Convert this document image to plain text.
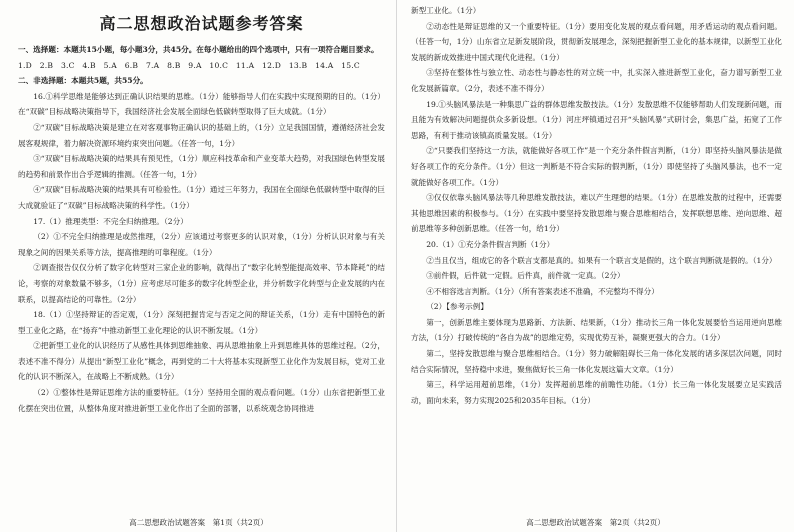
高二思想政治试题参考答案

一、选择题：本题共15小题，每小题3分，共45分。在每小题给出的四个选项中，只有一项符合题目要求。

1.D　2.B　3.C　4.B　5.A　6.B　7.A　8.B　9.A　10.C　11.A　12.D　13.B　14.A　15.C

二、非选择题：本题共5题，共55分。

16.①科学思维是能够达到正确认识结果的思维。（1分）能够指导人们在实践中实现预期的目的。（1分）在“双碳”目标战略决策指导下，我国经济社会发展全面绿色低碳转型取得了巨大成就。（1分）

②“双碳”目标战略决策是建立在对客观事物正确认识的基础上的，（1分）立足我国国情，遵循经济社会发展客观规律，着力解决资源环境约束突出问题。（任答一句，1分）

③“双碳”目标战略决策的结果具有预见性，（1分）顺应科技革命和产业变革大趋势，对我国绿色转型发展的趋势和前景作出合乎逻辑的推测。（任答一句，1分）

④“双碳”目标战略决策的结果具有可检验性。（1分）通过三年努力，我国在全面绿色低碳转型中取得的巨大成就验证了“双碳”目标战略决策的科学性。（1分）

17.（1）推理类型：不完全归纳推理。（2分）

（2）①不完全归纳推理是或然推理，（2分）应该通过考察更多的认识对象，（1分）分析认识对象与有关现象之间的因果关系等方法，提高推理的可靠程度。（1分）

②调查报告仅仅分析了数字化转型对三家企业的影响，就得出了“数字化转型能提高效率、节本降耗”的结论，考察的对象数量不够多，（1分）应考虑尽可能多的数字化转型企业，并分析数字化转型与企业发展的内在联系，以提高结论的可靠性。（2分）

18.（1）①坚持辩证的否定观，（1分）深刻把握肯定与否定之间的辩证关系，（1分）走有中国特色的新型工业化之路，在“扬弃”中推动新型工业化理论的认识不断发展。（1分）

②把新型工业化的认识经历了从感性具体到思维抽象、再从思维抽象上升到思维具体的思维过程。（2分，表述不准不得分）从提出“新型工业化”概念，再到党的二十大将基本实现新型工业化作为发展目标，党对工业化的认识不断深入，在战略上不断成熟。（1分）

（2）①整体性是辩证思维方法的重要特征。（1分）坚持用全面的观点看问题。（1分）山东省把新型工业化摆在突出位置，从整体角度对推进新型工业化作出了全面的部署，以系统观念协同推进

高二思想政治试题答案　第1页（共2页）

新型工业化。（1分）

②动态性是辩证思维的又一个重要特征。（1分）要用变化发展的观点看问题，用矛盾运动的观点看问题。（任答一句，1分）山东省立足新发展阶段，贯彻新发展理念，深刻把握新型工业化的基本规律，以新型工业化发展的新成效推进中国式现代化进程。（1分）

③坚持在整体性与独立性、动态性与静态性的对立统一中，扎实深入推进新型工业化，奋力谱写新型工业化发展新篇章。（2分，表述不准不得分）

19.①头脑风暴法是一种集思广益的群体思维发散技法。（1分）发散思维不仅能够帮助人们发现新问题，而且能为有效解决问题提供众多新设想。（1分）河庄坪镇通过召开“头脑风暴”式研讨会，集思广益，拓宽了工作思路，有利于推动该镇高质量发展。（1分）

②“只要我们坚持这一方法，就能做好各项工作”是一个充分条件假言判断，（1分）即坚持头脑风暴法是做好各项工作的充分条件。（1分）但这一判断是不符合实际的假判断，（1分）即使坚持了头脑风暴法，也不一定就能做好各项工作。（1分）

③仅仅依靠头脑风暴法等几种思维发散技法，难以产生理想的结果。（1分）在思维发散的过程中，还需要其他思维因素的积极参与。（1分）在实践中要坚持发散思维与聚合思维相结合，发挥联想思维、逆向思维、超前思维等多种创新思维。（任答一句，给1分）

20.（1）①充分条件假言判断（1分）

②当且仅当，组成它的各个联言支都是真的。如果有一个联言支是假的，这个联言判断就是假的。（1分）

③前件假，后件就一定假。后件真，前件就一定真。（2分）

④不相容选言判断。（1分）（所有答案表述不准确，不完整均不得分）

（2）【参考示例】

第一，创新思维主要体现为思路新、方法新、结果新，（1分）推动长三角一体化发展要恰当运用逆向思维方法，（1分）打破传统的“各自为战”的思维定势，实现优势互补，凝聚更强大的合力。（1分）

第二，坚持发散思维与聚合思维相结合。（1分）努力破解阻碍长三角一体化发展的诸多深层次问题，同时结合实际情况，坚持稳中求进，聚焦做好长三角一体化发展这篇大文章。（1分）

第三，科学运用超前思维，（1分）发挥超前思维的前瞻性功能。（1分）长三角一体化发展要立足实践活动，面向未来，努力实现2025和2035年目标。（1分）

高二思想政治试题答案　第2页（共2页）
